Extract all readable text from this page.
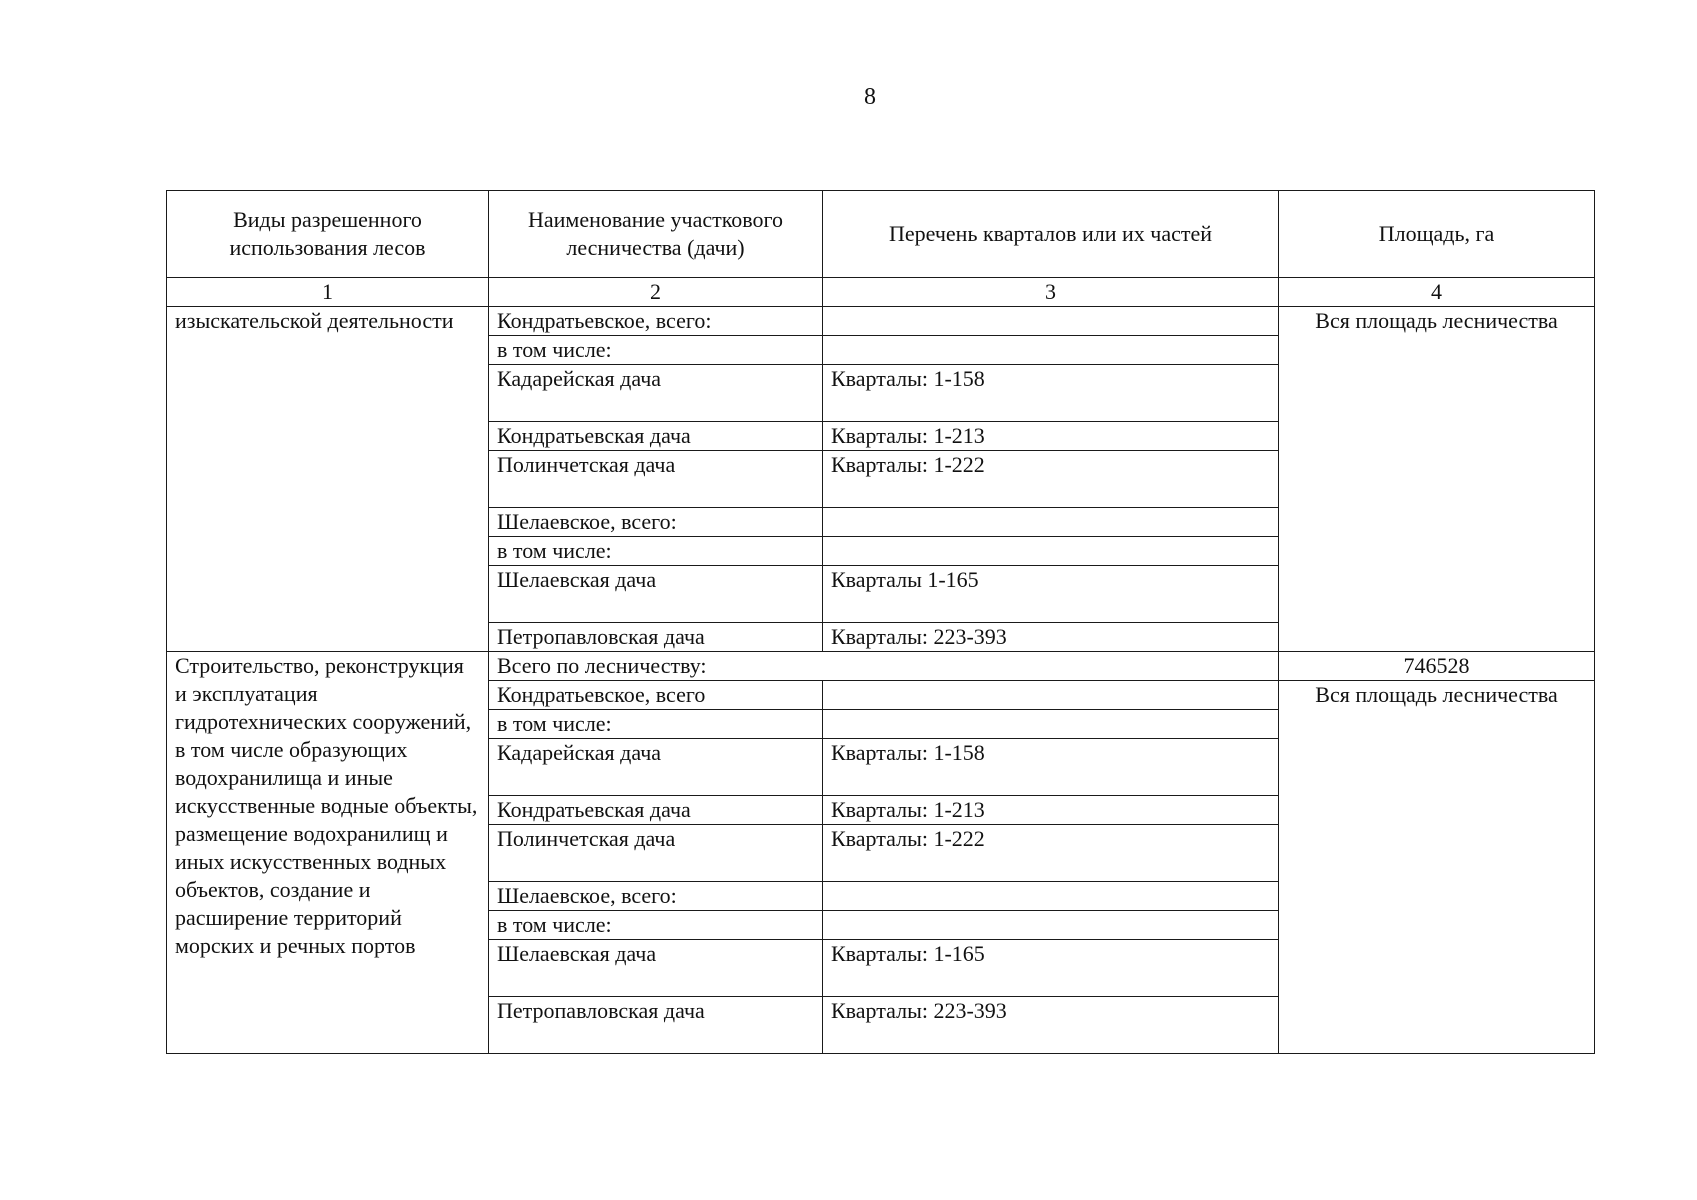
8
Виды разрешенного использования лесов	Наименование участкового лесничества (дачи)	Перечень кварталов или их частей	Площадь, га
1	2	3	4
изыскательской деятельности	Кондратьевское, всего:		Вся площадь лесничества
	в том числе:		
	Кадарейская дача	Кварталы: 1-158	
	Кондратьевская дача	Кварталы: 1-213	
	Полинчетская дача	Кварталы: 1-222	
	Шелаевское, всего:		
	в том числе:		
	Шелаевская дача	Кварталы 1-165	
	Петропавловская дача	Кварталы: 223-393	
Строительство, реконструкция и эксплуатация гидротехнических сооружений, в том числе образующих водохранилища и иные искусственные водные объекты, размещение водохранилищ и иных искусственных водных объектов, создание и расширение территорий морских и речных портов	Всего по лесничеству:		746528
	Кондратьевское, всего		Вся площадь лесничества
	в том числе:		
	Кадарейская дача	Кварталы: 1-158	
	Кондратьевская дача	Кварталы: 1-213	
	Полинчетская дача	Кварталы: 1-222	
	Шелаевское, всего:		
	в том числе:		
	Шелаевская дача	Кварталы: 1-165	
	Петропавловская дача	Кварталы: 223-393	
